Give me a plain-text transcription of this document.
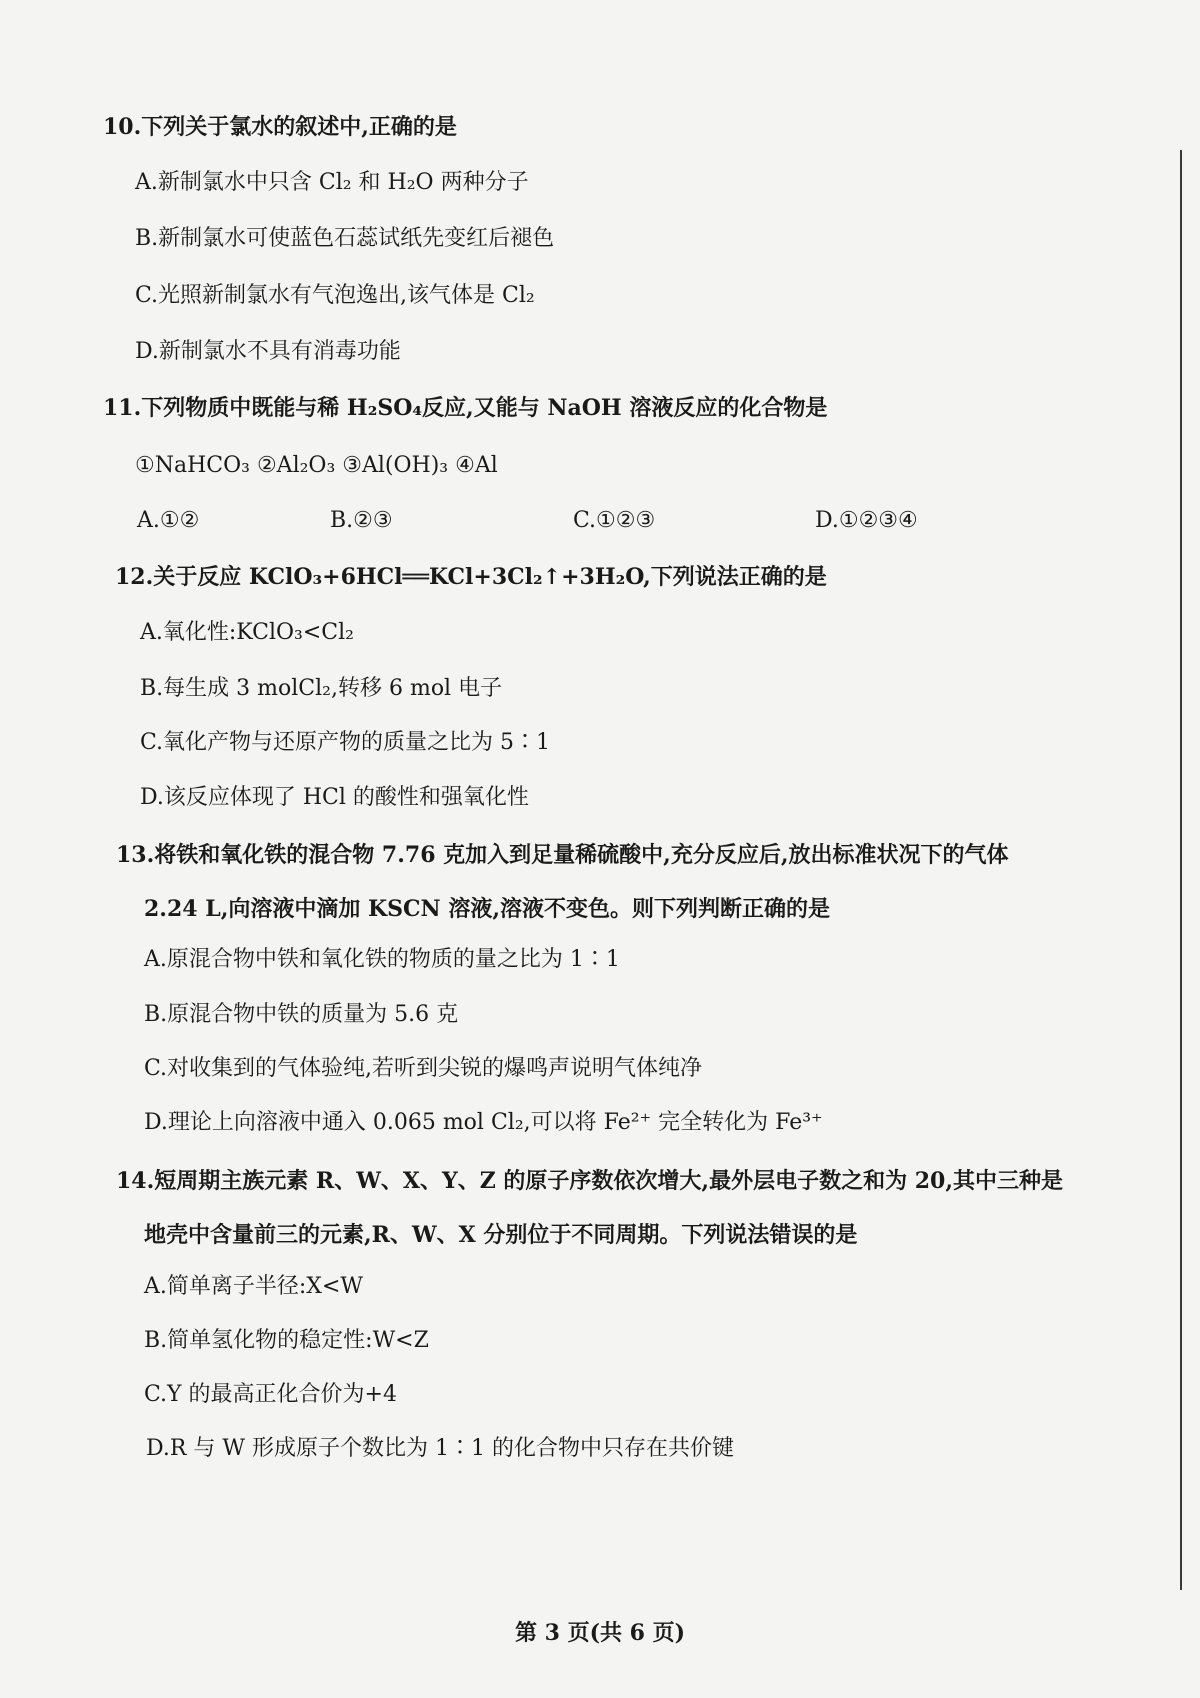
10.下列关于氯水的叙述中,正确的是
A.新制氯水中只含 Cl₂ 和 H₂O 两种分子
B.新制氯水可使蓝色石蕊试纸先变红后褪色
C.光照新制氯水有气泡逸出,该气体是 Cl₂
D.新制氯水不具有消毒功能
11.下列物质中既能与稀 H₂SO₄反应,又能与 NaOH 溶液反应的化合物是
①NaHCO₃ ②Al₂O₃ ③Al(OH)₃ ④Al
A.①②	B.②③	C.①②③	D.①②③④
12.关于反应 KClO₃+6HCl══KCl+3Cl₂↑+3H₂O,下列说法正确的是
A.氧化性:KClO₃<Cl₂
B.每生成 3 molCl₂,转移 6 mol 电子
C.氧化产物与还原产物的质量之比为 5∶1
D.该反应体现了 HCl 的酸性和强氧化性
13.将铁和氧化铁的混合物 7.76 克加入到足量稀硫酸中,充分反应后,放出标准状况下的气体
2.24 L,向溶液中滴加 KSCN 溶液,溶液不变色。则下列判断正确的是
A.原混合物中铁和氧化铁的物质的量之比为 1∶1
B.原混合物中铁的质量为 5.6 克
C.对收集到的气体验纯,若听到尖锐的爆鸣声说明气体纯净
D.理论上向溶液中通入 0.065 mol Cl₂,可以将 Fe²⁺ 完全转化为 Fe³⁺
14.短周期主族元素 R、W、X、Y、Z 的原子序数依次增大,最外层电子数之和为 20,其中三种是
地壳中含量前三的元素,R、W、X 分别位于不同周期。下列说法错误的是
A.简单离子半径:X<W
B.简单氢化物的稳定性:W<Z
C.Y 的最高正化合价为+4
D.R 与 W 形成原子个数比为 1∶1 的化合物中只存在共价键
第 3 页(共 6 页)
